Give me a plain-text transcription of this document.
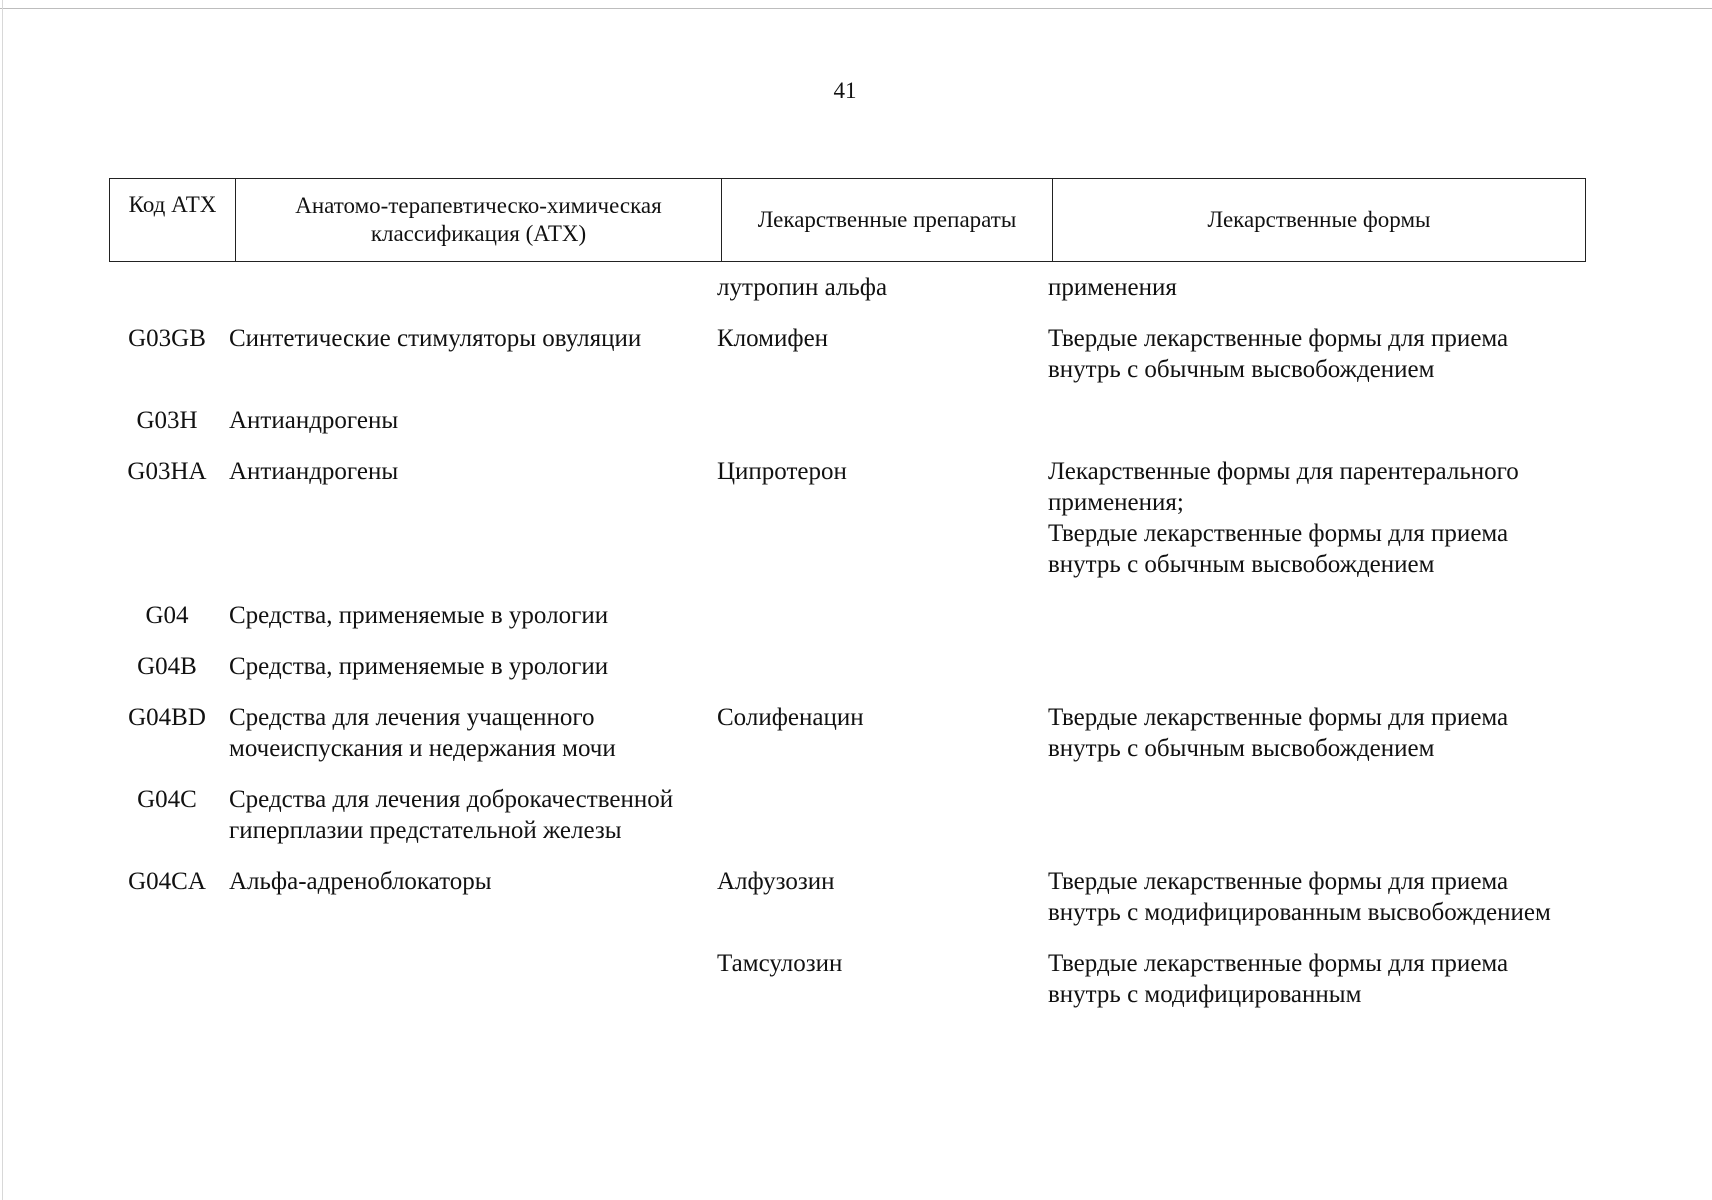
41
Код АТХ	Анатомо-терапевтическо-химическая классификация (АТХ)	Лекарственные препараты	Лекарственные формы
		лутропин альфа	применения

G03GB	Синтетические стимуляторы овуляции	Кломифен	Твердые лекарственные формы для приема внутрь с обычным высвобождением

G03H	Антиандрогены		
G03HA	Антиандрогены	Ципротерон	Лекарственные формы для парентерального применения;
Твердые лекарственные формы для приема внутрь с обычным высвобождением

G04	Средства, применяемые в урологии		
G04B	Средства, применяемые в урологии		
G04BD	Средства для лечения учащенного мочеиспускания и недержания мочи	Солифенацин	Твердые лекарственные формы для приема внутрь с обычным высвобождением

G04C	Средства для лечения доброкачественной гиперплазии предстательной железы		
G04CA	Альфа-адреноблокаторы	Алфузозин	Твердые лекарственные формы для приема внутрь с модифицированным высвобождением

		Тамсулозин	Твердые лекарственные формы для приема внутрь с модифицированным
